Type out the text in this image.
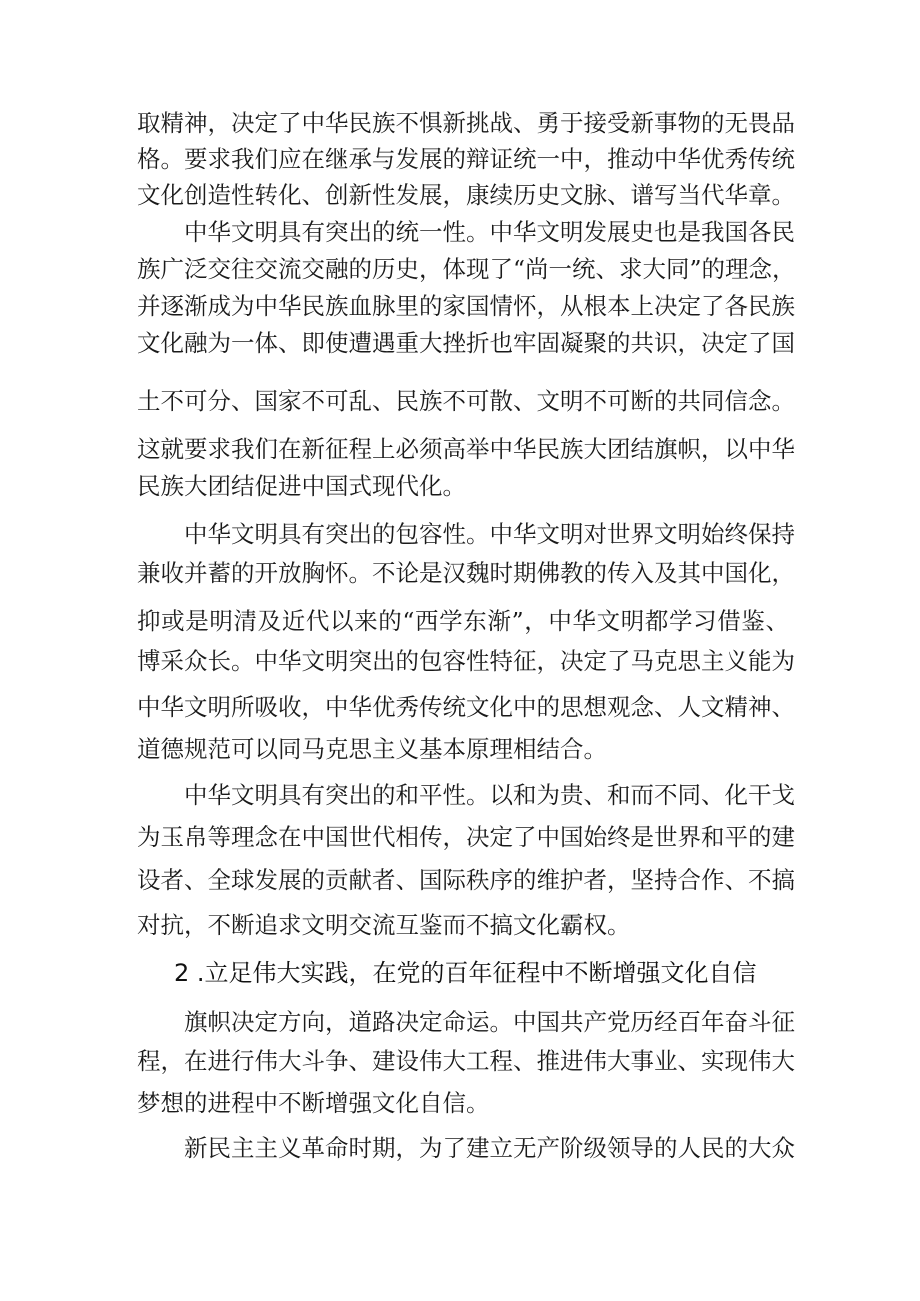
取精神，决定了中华民族不惧新挑战、勇于接受新事物的无畏品
格。要求我们应在继承与发展的辩证统一中，推动中华优秀传统
文化创造性转化、创新性发展，康续历史文脉、谱写当代华章。
中华文明具有突出的统一性。中华文明发展史也是我国各民
族广泛交往交流交融的历史，体现了“尚一统、求大同”的理念，
并逐渐成为中华民族血脉里的家国情怀，从根本上决定了各民族
文化融为一体、即使遭遇重大挫折也牢固凝聚的共识，决定了国
土不可分、国家不可乱、民族不可散、文明不可断的共同信念。
这就要求我们在新征程上必须高举中华民族大团结旗帜，以中华
民族大团结促进中国式现代化。
中华文明具有突出的包容性。中华文明对世界文明始终保持
兼收并蓄的开放胸怀。不论是汉魏时期佛教的传入及其中国化，
抑或是明清及近代以来的“西学东渐”，中华文明都学习借鉴、
博采众长。中华文明突出的包容性特征，决定了马克思主义能为
中华文明所吸收，中华优秀传统文化中的思想观念、人文精神、
道德规范可以同马克思主义基本原理相结合。
中华文明具有突出的和平性。以和为贵、和而不同、化干戈
为玉帛等理念在中国世代相传，决定了中国始终是世界和平的建
设者、全球发展的贡献者、国际秩序的维护者，坚持合作、不搞
对抗，不断追求文明交流互鉴而不搞文化霸权。
2 .立足伟大实践，在党的百年征程中不断增强文化自信
旗帜决定方向，道路决定命运。中国共产党历经百年奋斗征
程，在进行伟大斗争、建设伟大工程、推进伟大事业、实现伟大
梦想的进程中不断增强文化自信。
新民主主义革命时期，为了建立无产阶级领导的人民的大众
